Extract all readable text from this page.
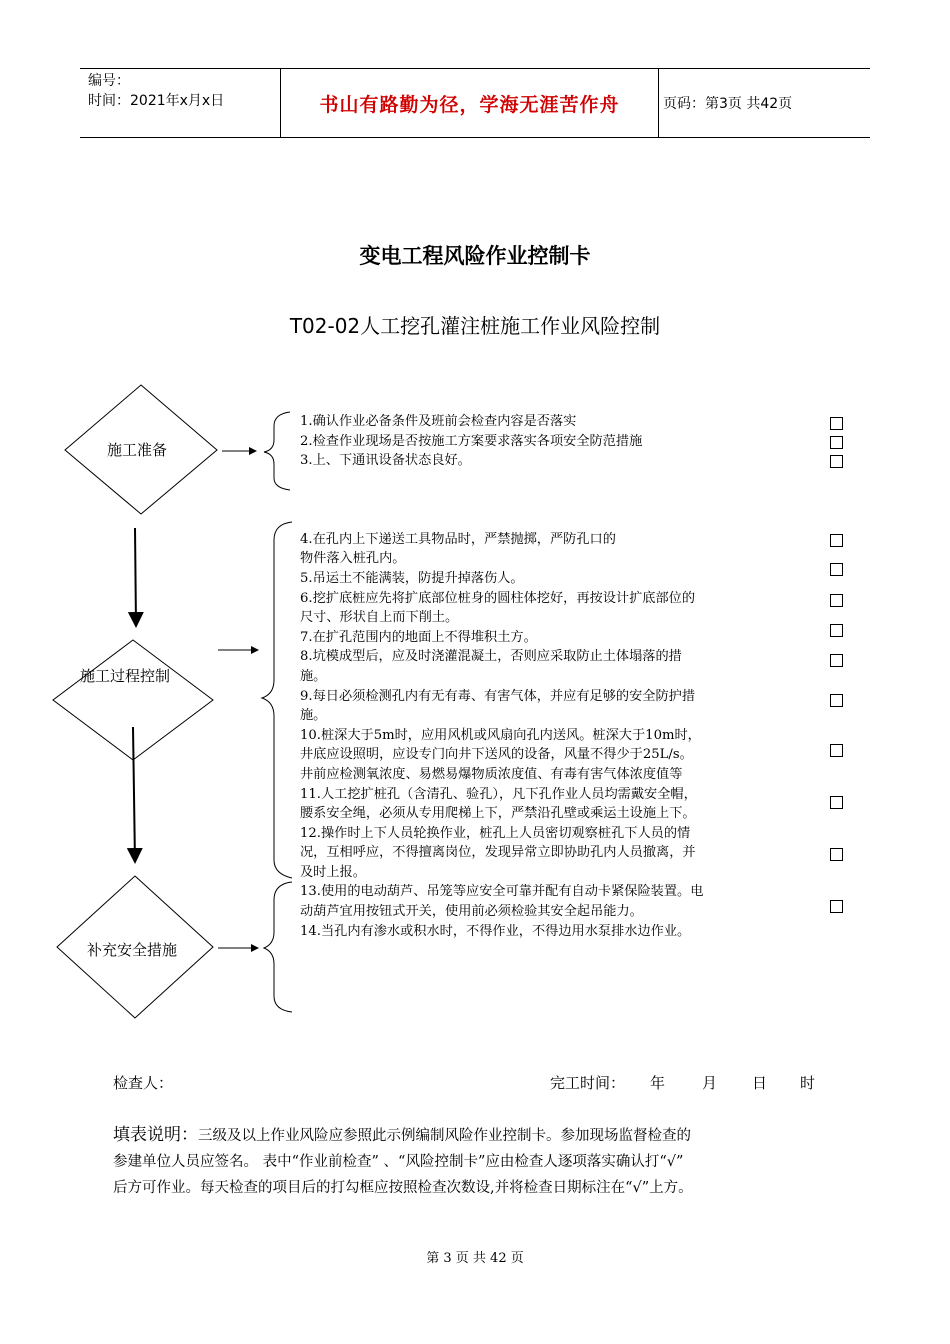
编号：
时间：2021年x月x日	书山有路勤为径，学海无涯苦作舟	页码：第3页 共42页
变电工程风险作业控制卡
T02-02人工挖孔灌注桩施工作业风险控制
施工准备
施工过程控制
补充安全措施
1.确认作业必备条件及班前会检查内容是否落实
2.检查作业现场是否按施工方案要求落实各项安全防范措施
3.上、下通讯设备状态良好。
4.在孔内上下递送工具物品时，严禁抛掷，严防孔口的
物件落入桩孔内。
5.吊运土不能满装，防提升掉落伤人。
6.挖扩底桩应先将扩底部位桩身的圆柱体挖好，再按设计扩底部位的
尺寸、形状自上而下削土。
7.在扩孔范围内的地面上不得堆积土方。
8.坑模成型后，应及时浇灌混凝土，否则应采取防止土体塌落的措
施。
9.每日必须检测孔内有无有毒、有害气体，并应有足够的安全防护措
施。
10.桩深大于5m时，应用风机或风扇向孔内送风。桩深大于10m时，
井底应设照明，应设专门向井下送风的设备，风量不得少于25L/s。
井前应检测氧浓度、易燃易爆物质浓度值、有毒有害气体浓度值等
11.人工挖扩桩孔（含清孔、验孔），凡下孔作业人员均需戴安全帽，
腰系安全绳，必须从专用爬梯上下，严禁沿孔壁或乘运土设施上下。
12.操作时上下人员轮换作业，桩孔上人员密切观察桩孔下人员的情
况，互相呼应，不得擅离岗位，发现异常立即协助孔内人员撤离，并
及时上报。
13.使用的电动葫芦、吊笼等应安全可靠并配有自动卡紧保险装置。电
动葫芦宜用按钮式开关，使用前必须检验其安全起吊能力。
14.当孔内有渗水或积水时，不得作业，不得边用水泵排水边作业。
检查人：	完工时间： 年 月 日 时
填表说明：三级及以上作业风险应参照此示例编制风险作业控制卡。参加现场监督检查的
参建单位人员应签名。 表中“作业前检查” 、“风险控制卡”应由检查人逐项落实确认打“√”
后方可作业。每天检查的项目后的打勾框应按照检查次数设,并将检查日期标注在“√”上方。
第 3 页 共 42 页
